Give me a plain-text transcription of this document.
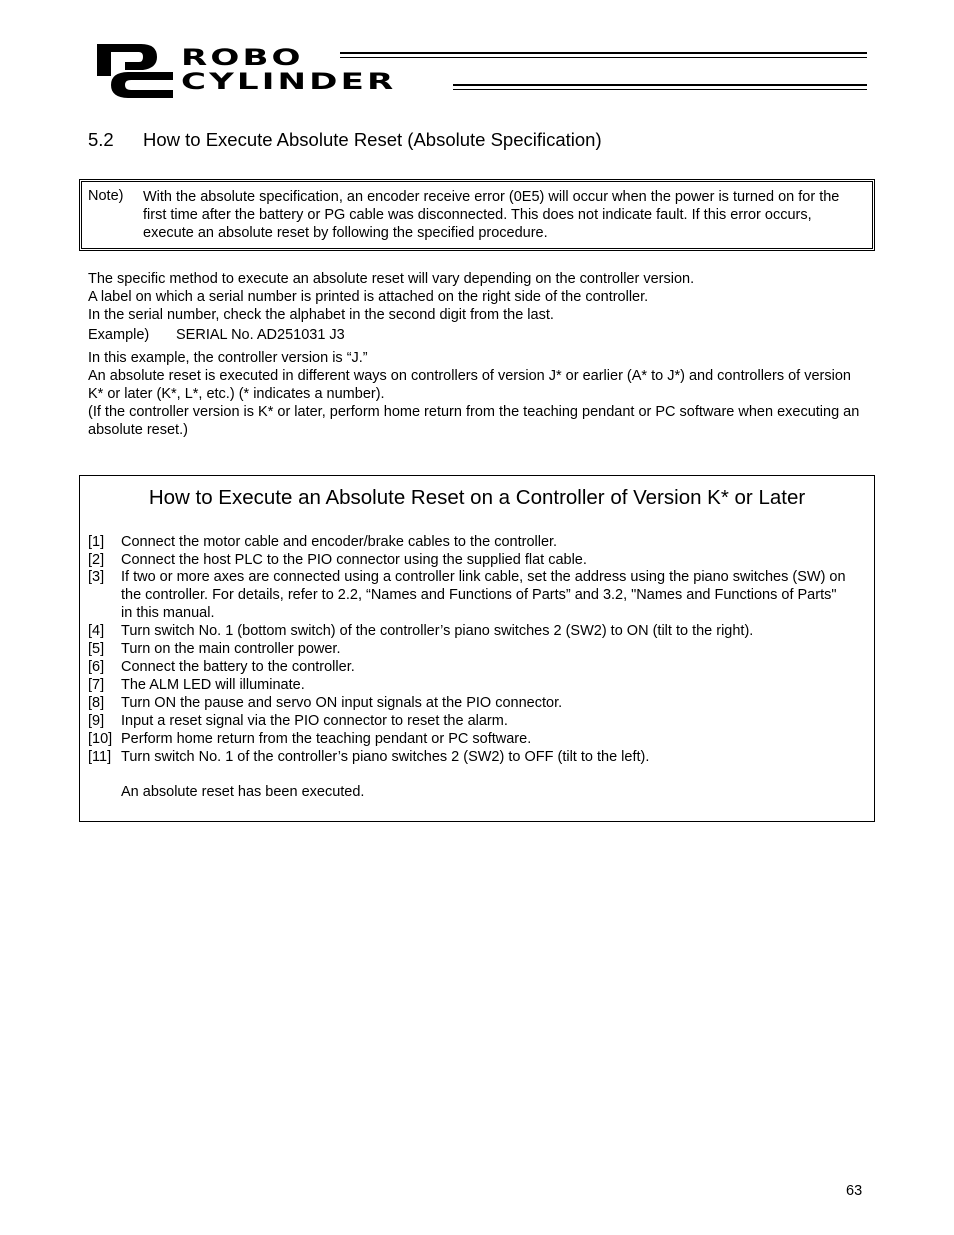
ROBO
CYLINDER
5.2 How to Execute Absolute Reset (Absolute Specification)
Note) With the absolute specification, an encoder receive error (0E5) will occur when the power is turned on for the first time after the battery or PG cable was disconnected. This does not indicate fault. If this error occurs, execute an absolute reset by following the specified procedure.
The specific method to execute an absolute reset will vary depending on the controller version.
A label on which a serial number is printed is attached on the right side of the controller.
In the serial number, check the alphabet in the second digit from the last.
Example) SERIAL No. AD251031 J3
In this example, the controller version is “J.”
An absolute reset is executed in different ways on controllers of version J* or earlier (A* to J*) and controllers of version K* or later (K*, L*, etc.) (* indicates a number).
(If the controller version is K* or later, perform home return from the teaching pendant or PC software when executing an absolute reset.)
How to Execute an Absolute Reset on a Controller of Version K* or Later
[1] Connect the motor cable and encoder/brake cables to the controller.
[2] Connect the host PLC to the PIO connector using the supplied flat cable.
[3] If two or more axes are connected using a controller link cable, set the address using the piano switches (SW) on the controller. For details, refer to 2.2, “Names and Functions of Parts” and 3.2, "Names and Functions of Parts" in this manual.
[4] Turn switch No. 1 (bottom switch) of the controller’s piano switches 2 (SW2) to ON (tilt to the right).
[5] Turn on the main controller power.
[6] Connect the battery to the controller.
[7] The ALM LED will illuminate.
[8] Turn ON the pause and servo ON input signals at the PIO connector.
[9] Input a reset signal via the PIO connector to reset the alarm.
[10] Perform home return from the teaching pendant or PC software.
[11] Turn switch No. 1 of the controller’s piano switches 2 (SW2) to OFF (tilt to the left).
An absolute reset has been executed.
63
